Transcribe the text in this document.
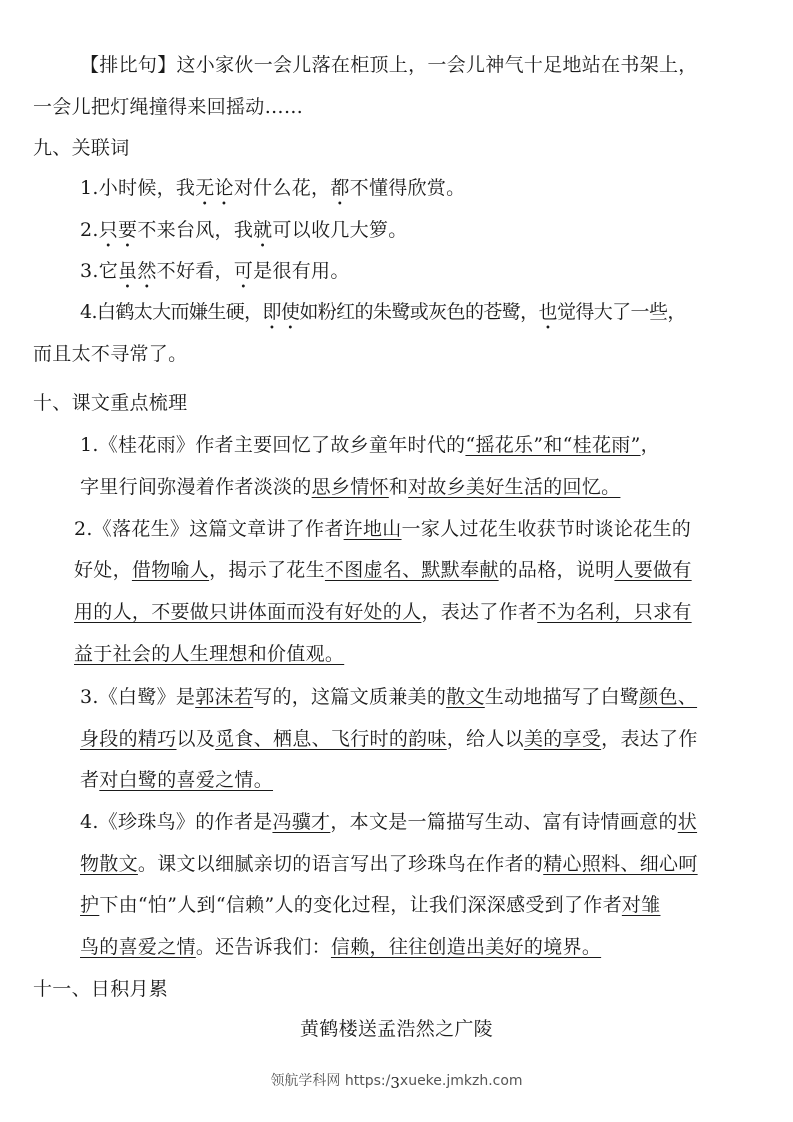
【排比句】这小家伙一会儿落在柜顶上，一会儿神气十足地站在书架上，
一会儿把灯绳撞得来回摇动……
九、关联词
1.小时候，我无论对什么花，都不懂得欣赏。
2.只要不来台风，我就可以收几大箩。
3.它虽然不好看，可是很有用。
4.白鹤太大而嫌生硬，即使如粉红的朱鹭或灰色的苍鹭，也觉得大了一些，
而且太不寻常了。
十、课文重点梳理
1.《桂花雨》作者主要回忆了故乡童年时代的“摇花乐”和“桂花雨”，
字里行间弥漫着作者淡淡的思乡情怀和对故乡美好生活的回忆。
2.《落花生》这篇文章讲了作者许地山一家人过花生收获节时谈论花生的
好处，借物喻人，揭示了花生不图虚名、默默奉献的品格，说明人要做有
用的人，不要做只讲体面而没有好处的人，表达了作者不为名利，只求有
益于社会的人生理想和价值观。
3.《白鹭》是郭沫若写的，这篇文质兼美的散文生动地描写了白鹭颜色、
身段的精巧以及觅食、栖息、飞行时的韵味，给人以美的享受，表达了作
者对白鹭的喜爱之情。
4.《珍珠鸟》的作者是冯骥才，本文是一篇描写生动、富有诗情画意的状
物散文。课文以细腻亲切的语言写出了珍珠鸟在作者的精心照料、细心呵
护下由“怕”人到“信赖”人的变化过程，让我们深深感受到了作者对雏
鸟的喜爱之情。还告诉我们：信赖，往往创造出美好的境界。
十一、日积月累
黄鹤楼送孟浩然之广陵
领航学科网 https:/3xueke.jmkzh.com
